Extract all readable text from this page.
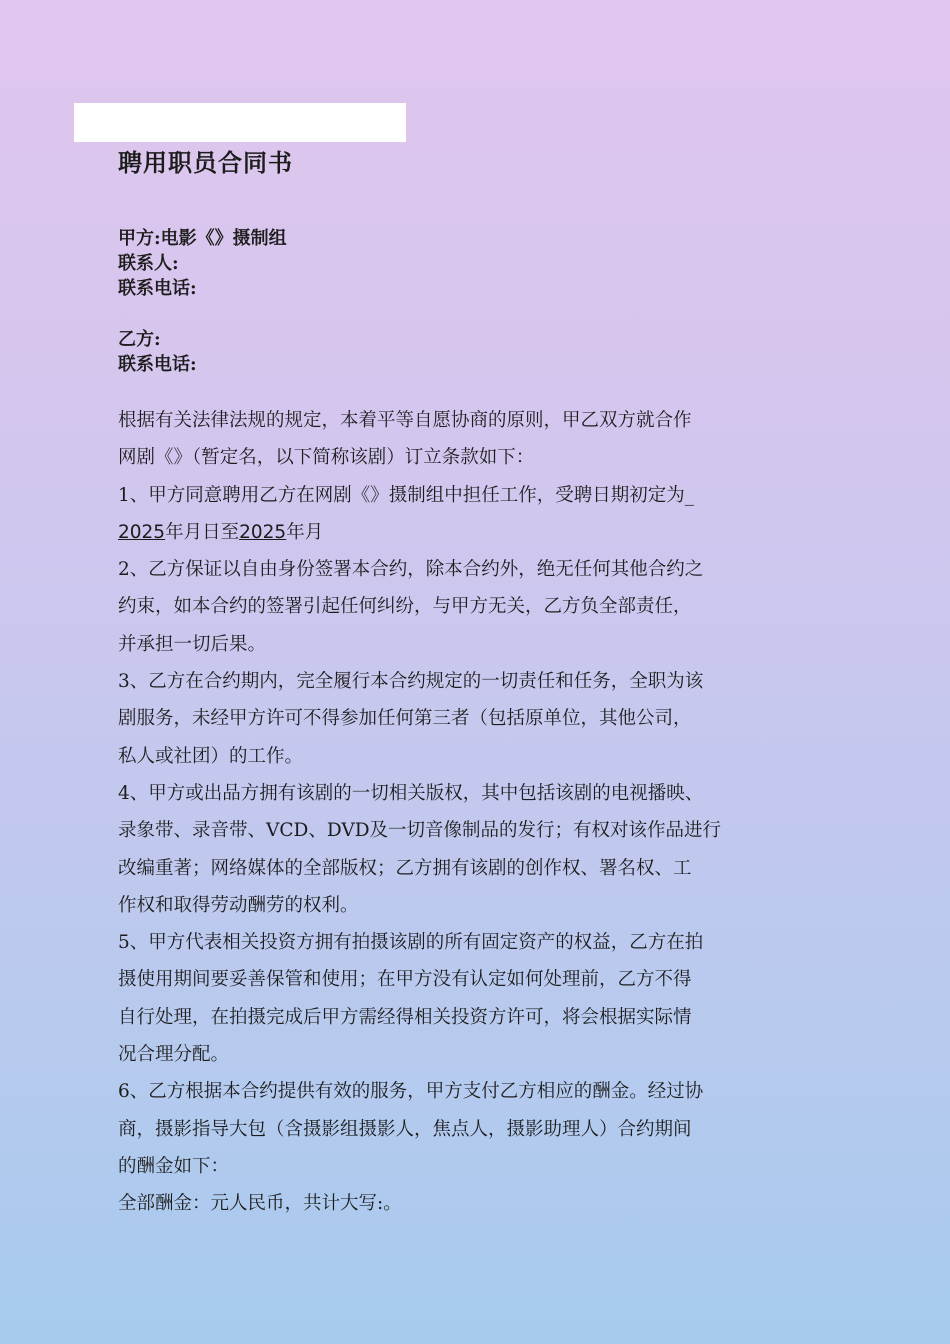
聘用职员合同书
甲方:电影《》摄制组
联系人:
联系电话:
乙方:
联系电话:
根据有关法律法规的规定，本着平等自愿协商的原则，甲乙双方就合作
网剧《》（暂定名，以下简称该剧）订立条款如下：
1、甲方同意聘用乙方在网剧《》摄制组中担任工作，受聘日期初定为_
2025年月日至2025年月
2、乙方保证以自由身份签署本合约，除本合约外，绝无任何其他合约之
约束，如本合约的签署引起任何纠纷，与甲方无关，乙方负全部责任，
并承担一切后果。
3、乙方在合约期内，完全履行本合约规定的一切责任和任务，全职为该
剧服务，未经甲方许可不得参加任何第三者（包括原单位，其他公司，
私人或社团）的工作。
4、甲方或出品方拥有该剧的一切相关版权，其中包括该剧的电视播映、
录象带、录音带、VCD、DVD及一切音像制品的发行；有权对该作品进行
改编重著；网络媒体的全部版权；乙方拥有该剧的创作权、署名权、工
作权和取得劳动酬劳的权利。
5、甲方代表相关投资方拥有拍摄该剧的所有固定资产的权益，乙方在拍
摄使用期间要妥善保管和使用；在甲方没有认定如何处理前，乙方不得
自行处理，在拍摄完成后甲方需经得相关投资方许可，将会根据实际情
况合理分配。
6、乙方根据本合约提供有效的服务，甲方支付乙方相应的酬金。经过协
商，摄影指导大包（含摄影组摄影人，焦点人，摄影助理人）合约期间
的酬金如下：
全部酬金：元人民币，共计大写:。
